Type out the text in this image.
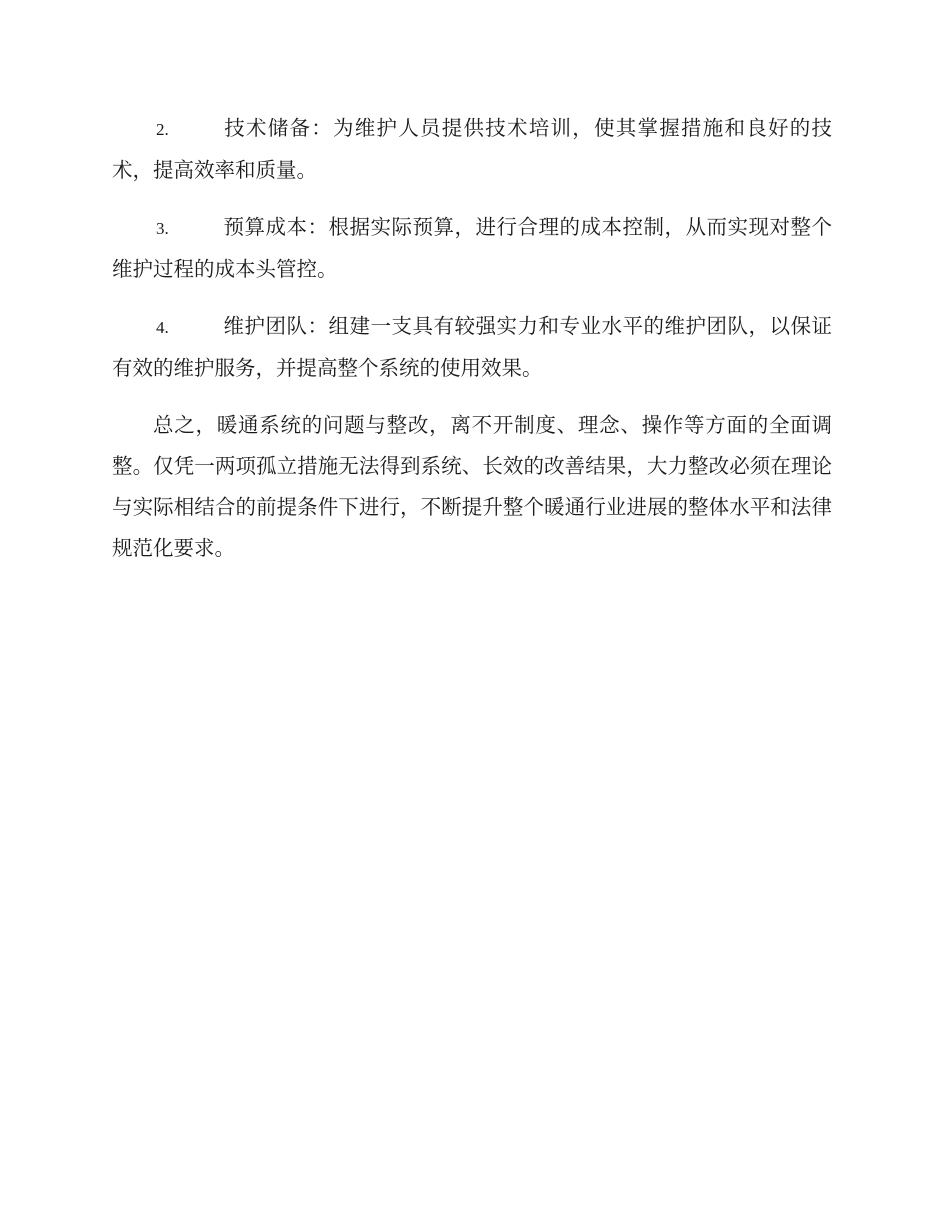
2.	技术储备：为维护人员提供技术培训，使其掌握措施和良好的技术，提高效率和质量。

3.	预算成本：根据实际预算，进行合理的成本控制，从而实现对整个维护过程的成本头管控。

4.	维护团队：组建一支具有较强实力和专业水平的维护团队，以保证有效的维护服务，并提高整个系统的使用效果。

总之，暖通系统的问题与整改，离不开制度、理念、操作等方面的全面调整。仅凭一两项孤立措施无法得到系统、长效的改善结果，大力整改必须在理论与实际相结合的前提条件下进行，不断提升整个暖通行业进展的整体水平和法律规范化要求。
